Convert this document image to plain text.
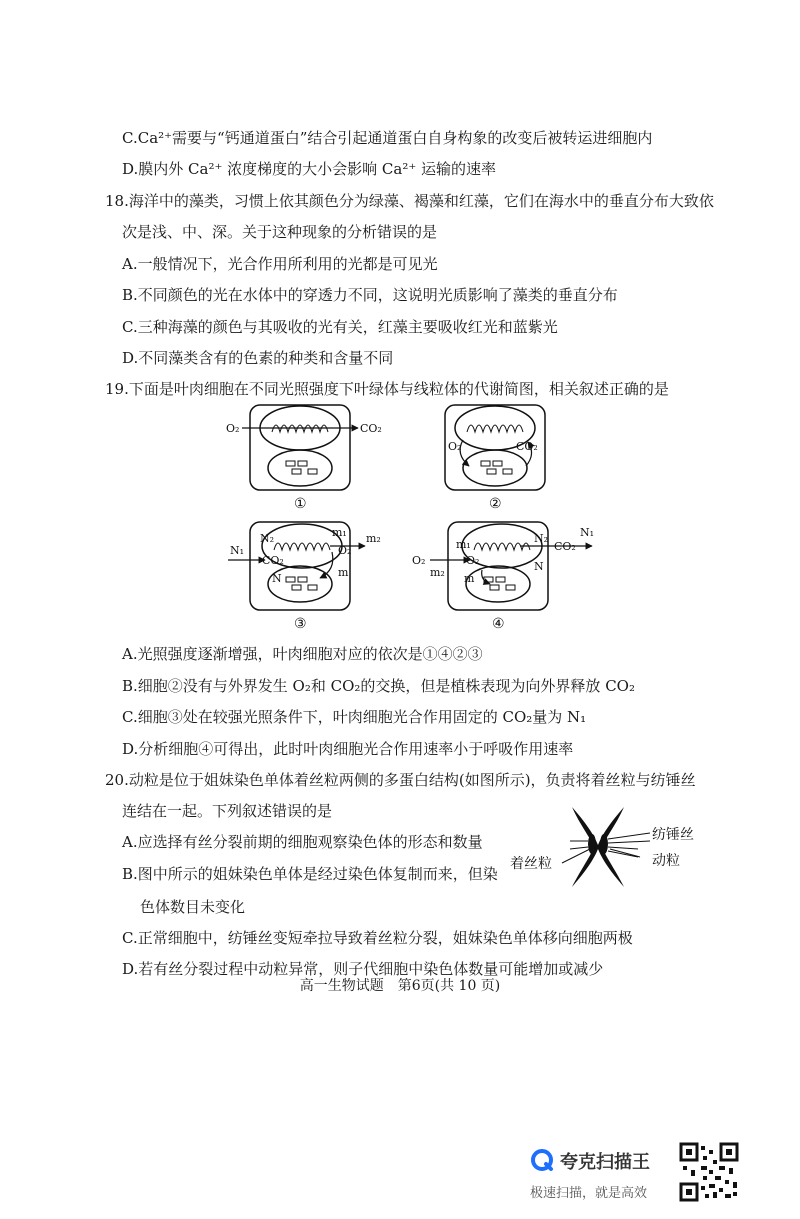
C.Ca²⁺需要与“钙通道蛋白”结合引起通道蛋白自身构象的改变后被转运进细胞内
D.膜内外 Ca²⁺ 浓度梯度的大小会影响 Ca²⁺ 运输的速率
18.海洋中的藻类，习惯上依其颜色分为绿藻、褐藻和红藻，它们在海水中的垂直分布大致依
次是浅、中、深。关于这种现象的分析错误的是
A.一般情况下，光合作用所利用的光都是可见光
B.不同颜色的光在水体中的穿透力不同，这说明光质影响了藻类的垂直分布
C.三种海藻的颜色与其吸收的光有关，红藻主要吸收红光和蓝紫光
D.不同藻类含有的色素的种类和含量不同
19.下面是叶肉细胞在不同光照强度下叶绿体与线粒体的代谢简图，相关叙述正确的是
O₂	CO₂
①
O₂	CO₂
②
N₁
N₂
CO₂
N
m₁
O₂
m
m₂
③
O₂
m₂
m₁
O₂
m
N₂
CO₂
N₁
N
④
A.光照强度逐渐增强，叶肉细胞对应的依次是①④②③
B.细胞②没有与外界发生 O₂和 CO₂的交换，但是植株表现为向外界释放 CO₂
C.细胞③处在较强光照条件下，叶肉细胞光合作用固定的 CO₂量为 N₁
D.分析细胞④可得出，此时叶肉细胞光合作用速率小于呼吸作用速率
20.动粒是位于姐妹染色单体着丝粒两侧的多蛋白结构(如图所示)，负责将着丝粒与纺锤丝
连结在一起。下列叙述错误的是
A.应选择有丝分裂前期的细胞观察染色体的形态和数量
B.图中所示的姐妹染色单体是经过染色体复制而来，但染
色体数目未变化
C.正常细胞中，纺锤丝变短牵拉导致着丝粒分裂，姐妹染色单体移向细胞两极
D.若有丝分裂过程中动粒异常，则子代细胞中染色体数量可能增加或减少
纺锤丝
着丝粒	动粒
高一生物试题　第6页(共 10 页)
夸克扫描王
极速扫描，就是高效
